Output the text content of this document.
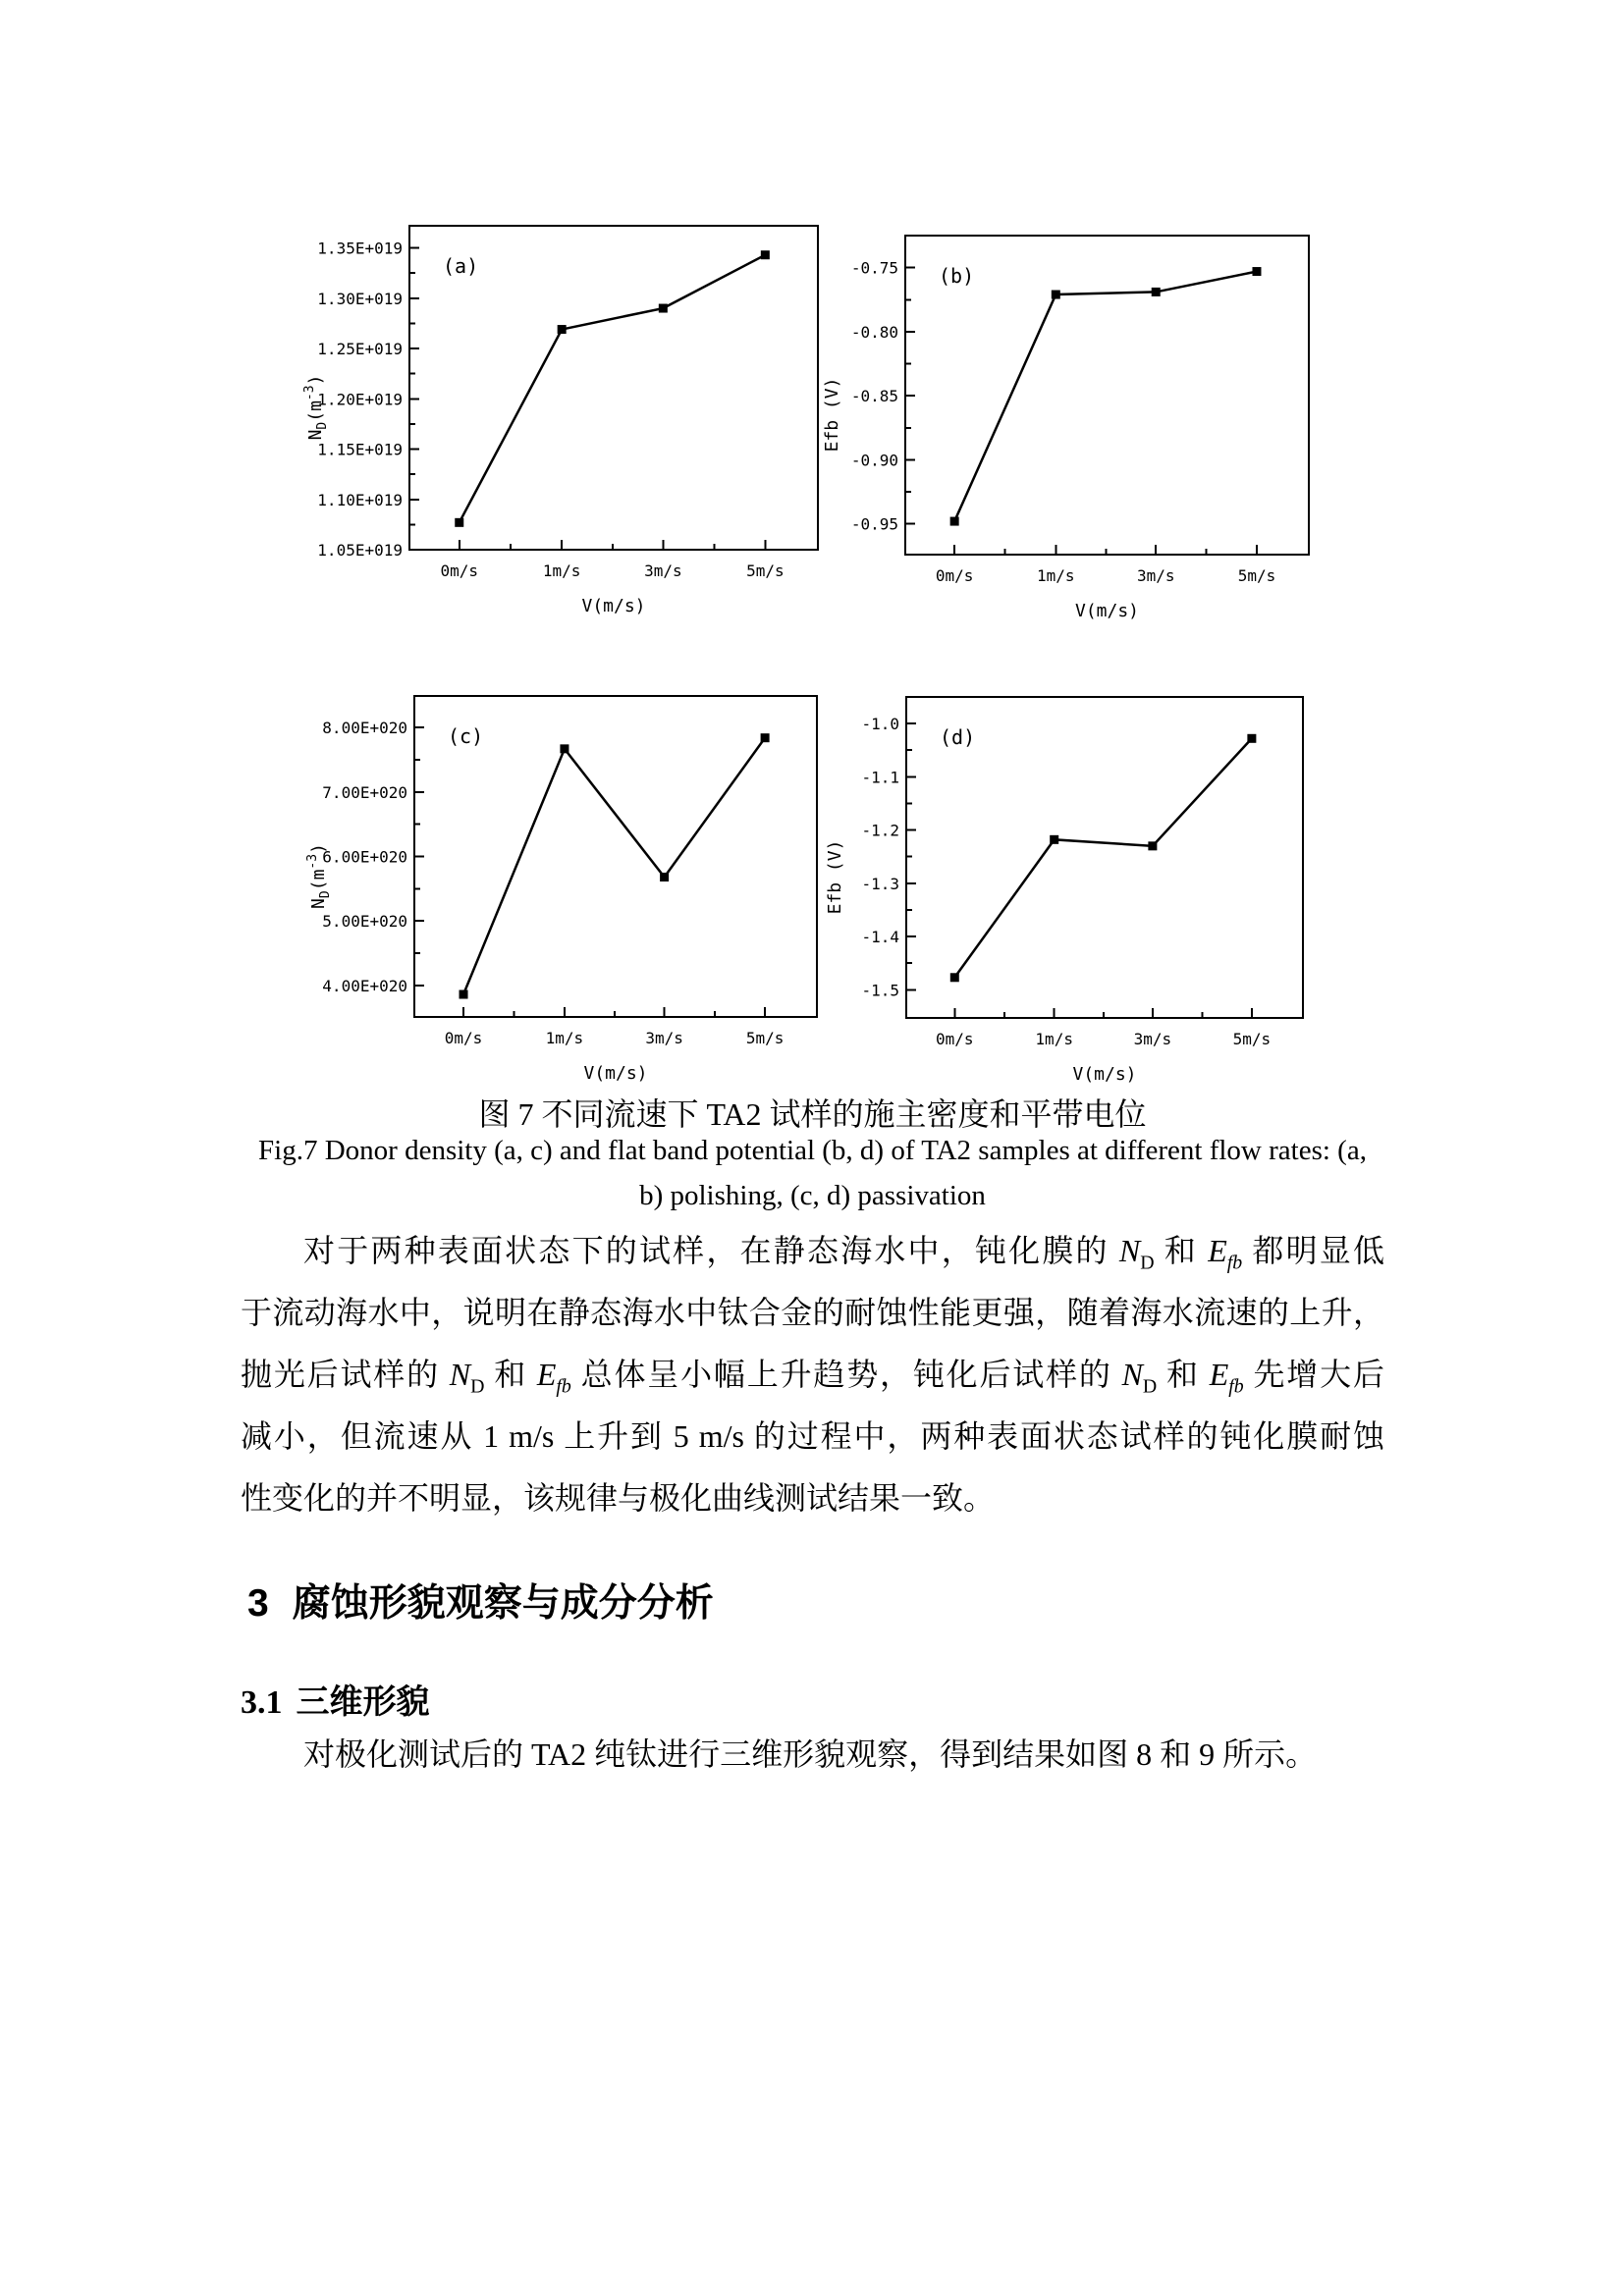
1.05E+019
1.10E+019
1.15E+019
1.20E+019
1.25E+019
1.30E+019
1.35E+019
0m/s	1m/s	3m/s	5m/s
V(m/s)
$N_D(m^{-3})$
(a)
-0.95
-0.90
-0.85
-0.80
-0.75
0m/s	1m/s	3m/s	5m/s
V(m/s)
Efb (V)
(b)
4.00E+020
5.00E+020
6.00E+020
7.00E+020
8.00E+020
0m/s	1m/s	3m/s	5m/s
V(m/s)
$N_D(m^{-3})$
(c)
-1.5
-1.4
-1.3
-1.2
-1.1
-1.0
0m/s	1m/s	3m/s	5m/s
V(m/s)
Efb (V)
(d)
图 7 不同流速下 TA2 试样的施主密度和平带电位
Fig.7 Donor density (a, c) and flat band potential (b, d) of TA2 samples at different flow rates: (a,
b) polishing, (c, d) passivation
对于两种表面状态下的试样，在静态海水中，钝化膜的 $N_D$ 和 $E_{fb}$ 都明显低
于流动海水中，说明在静态海水中钛合金的耐蚀性能更强，随着海水流速的上升，
抛光后试样的 $N_D$ 和 $E_{fb}$ 总体呈小幅上升趋势，钝化后试样的 $N_D$ 和 $E_{fb}$ 先增大后
减小，但流速从 1 m/s 上升到 5 m/s 的过程中，两种表面状态试样的钝化膜耐蚀
性变化的并不明显，该规律与极化曲线测试结果一致。
3 腐蚀形貌观察与成分分析
3.1 三维形貌
对极化测试后的 TA2 纯钛进行三维形貌观察，得到结果如图 8 和 9 所示。
